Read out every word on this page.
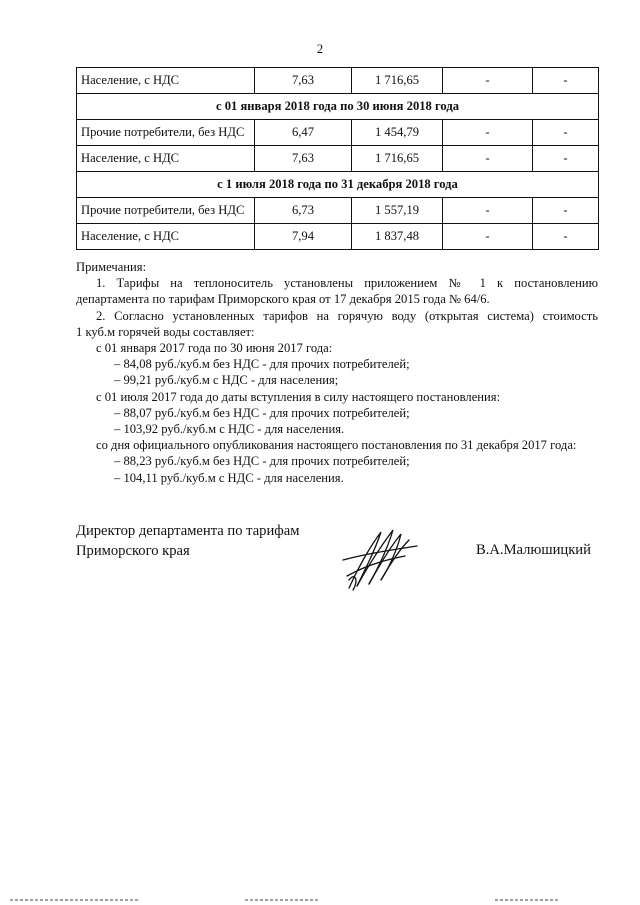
2
Население, с НДС	7,63	1 716,65	-	-
с 01 января 2018 года по 30 июня 2018 года				
Прочие потребители, без НДС	6,47	1 454,79	-	-
Население, с НДС	7,63	1 716,65	-	-
с 1 июля 2018 года по 31 декабря 2018 года				
Прочие потребители, без НДС	6,73	1 557,19	-	-
Население, с НДС	7,94	1 837,48	-	-

Примечания:

1. Тарифы на теплоноситель установлены приложением № 1 к постановлению

департамента по тарифам Приморского края от 17 декабря 2015 года № 64/6.

2. Согласно установленных тарифов на горячую воду (открытая система) стоимость

1 куб.м горячей воды составляет:

с 01 января 2017 года по 30 июня 2017 года:

– 84,08 руб./куб.м без НДС - для прочих потребителей;

– 99,21 руб./куб.м с НДС - для населения;

с 01 июля 2017 года до даты вступления в силу настоящего постановления:

– 88,07 руб./куб.м без НДС - для прочих потребителей;

– 103,92 руб./куб.м с НДС - для населения.

со дня официального опубликования настоящего постановления по 31 декабря 2017 года:

– 88,23 руб./куб.м без НДС - для прочих потребителей;

– 104,11 руб./куб.м с НДС - для населения.

Директор департамента по тарифам
Приморского края	В.А.Малюшицкий
